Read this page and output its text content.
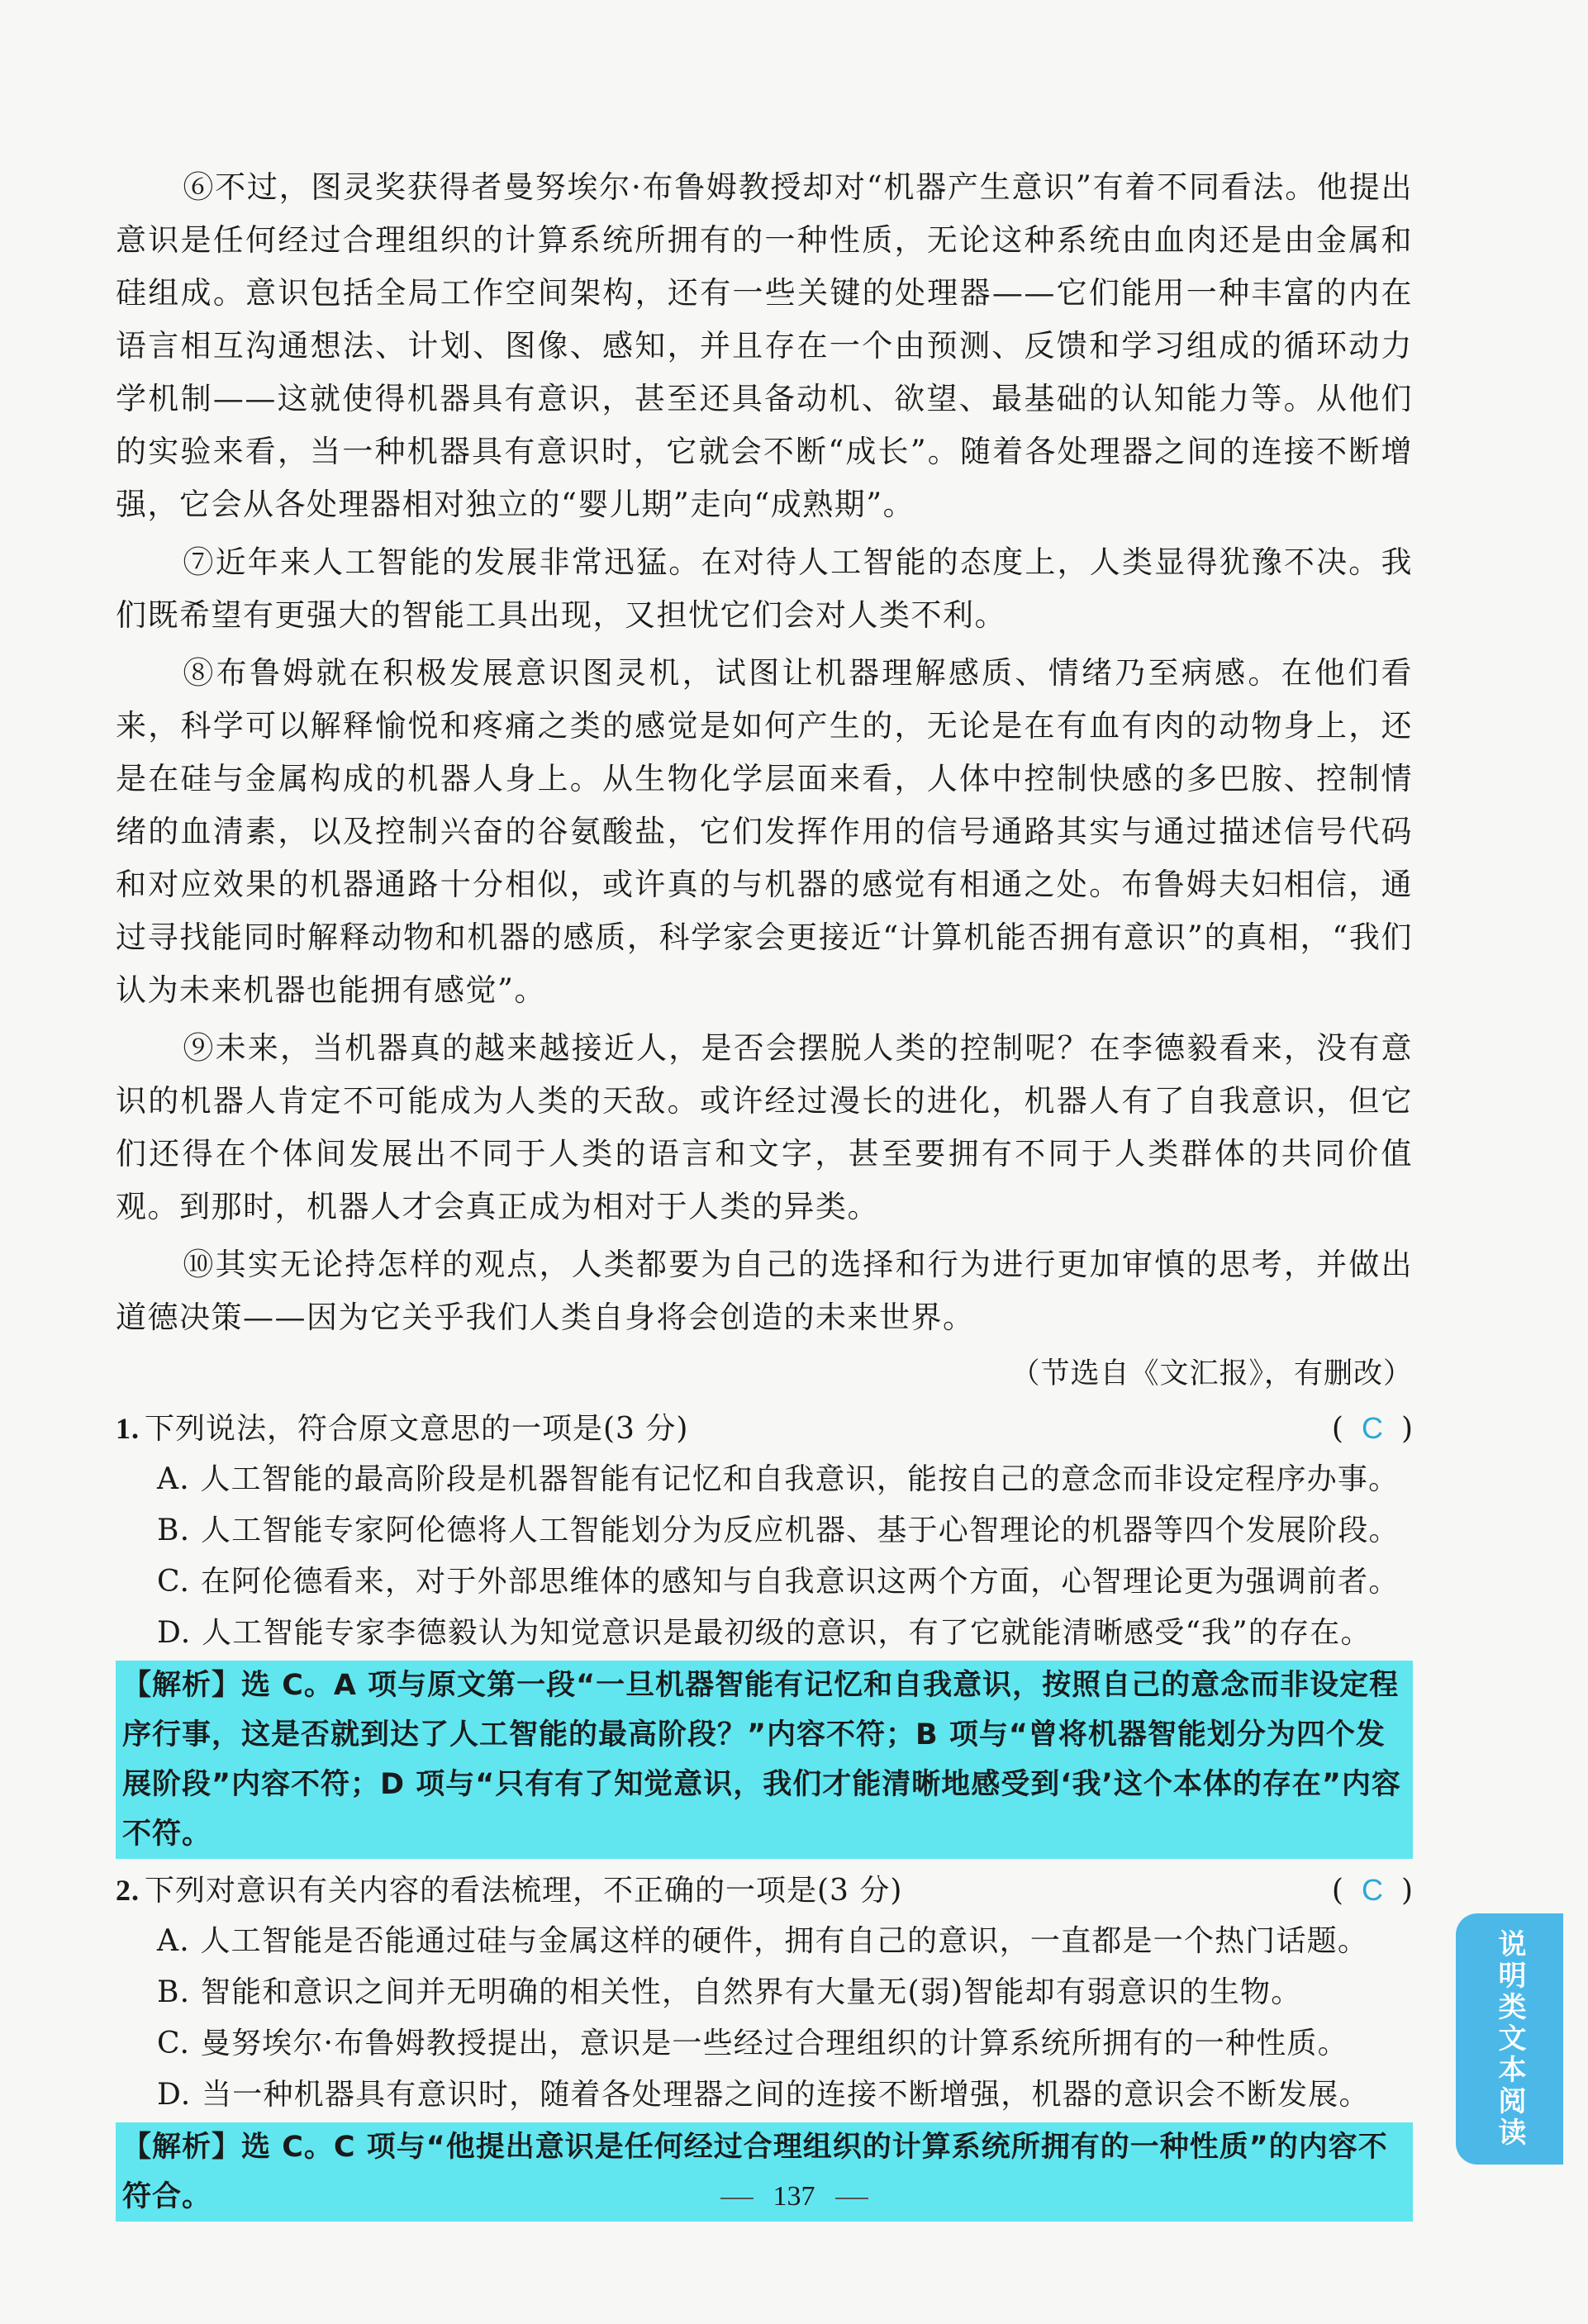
⑥不过，图灵奖获得者曼努埃尔·布鲁姆教授却对“机器产生意识”有着不同看法。他提出意识是任何经过合理组织的计算系统所拥有的一种性质，无论这种系统由血肉还是由金属和硅组成。意识包括全局工作空间架构，还有一些关键的处理器——它们能用一种丰富的内在语言相互沟通想法、计划、图像、感知，并且存在一个由预测、反馈和学习组成的循环动力学机制——这就使得机器具有意识，甚至还具备动机、欲望、最基础的认知能力等。从他们的实验来看，当一种机器具有意识时，它就会不断“成长”。随着各处理器之间的连接不断增强，它会从各处理器相对独立的“婴儿期”走向“成熟期”。

⑦近年来人工智能的发展非常迅猛。在对待人工智能的态度上，人类显得犹豫不决。我们既希望有更强大的智能工具出现，又担忧它们会对人类不利。

⑧布鲁姆就在积极发展意识图灵机，试图让机器理解感质、情绪乃至病感。在他们看来，科学可以解释愉悦和疼痛之类的感觉是如何产生的，无论是在有血有肉的动物身上，还是在硅与金属构成的机器人身上。从生物化学层面来看，人体中控制快感的多巴胺、控制情绪的血清素，以及控制兴奋的谷氨酸盐，它们发挥作用的信号通路其实与通过描述信号代码和对应效果的机器通路十分相似，或许真的与机器的感觉有相通之处。布鲁姆夫妇相信，通过寻找能同时解释动物和机器的感质，科学家会更接近“计算机能否拥有意识”的真相，“我们认为未来机器也能拥有感觉”。

⑨未来，当机器真的越来越接近人，是否会摆脱人类的控制呢？在李德毅看来，没有意识的机器人肯定不可能成为人类的天敌。或许经过漫长的进化，机器人有了自我意识，但它们还得在个体间发展出不同于人类的语言和文字，甚至要拥有不同于人类群体的共同价值观。到那时，机器人才会真正成为相对于人类的异类。

⑩其实无论持怎样的观点，人类都要为自己的选择和行为进行更加审慎的思考，并做出道德决策——因为它关乎我们人类自身将会创造的未来世界。

（节选自《文汇报》，有删改）
1. 下列说法，符合原文意思的一项是(3 分)	( C )
A. 人工智能的最高阶段是机器智能有记忆和自我意识，能按自己的意念而非设定程序办事。
B. 人工智能专家阿伦德将人工智能划分为反应机器、基于心智理论的机器等四个发展阶段。
C. 在阿伦德看来，对于外部思维体的感知与自我意识这两个方面，心智理论更为强调前者。
D. 人工智能专家李德毅认为知觉意识是最初级的意识，有了它就能清晰感受“我”的存在。
【解析】选 C。A 项与原文第一段“一旦机器智能有记忆和自我意识，按照自己的意念而非设定程序行事，这是否就到达了人工智能的最高阶段？”内容不符；B 项与“曾将机器智能划分为四个发展阶段”内容不符；D 项与“只有有了知觉意识，我们才能清晰地感受到‘我’这个本体的存在”内容不符。
2. 下列对意识有关内容的看法梳理，不正确的一项是(3 分)	( C )
A. 人工智能是否能通过硅与金属这样的硬件，拥有自己的意识，一直都是一个热门话题。
B. 智能和意识之间并无明确的相关性，自然界有大量无(弱)智能却有弱意识的生物。
C. 曼努埃尔·布鲁姆教授提出，意识是一些经过合理组织的计算系统所拥有的一种性质。
D. 当一种机器具有意识时，随着各处理器之间的连接不断增强，机器的意识会不断发展。
【解析】选 C。C 项与“他提出意识是任何经过合理组织的计算系统所拥有的一种性质”的内容不符合。
说明类文本阅读
137
